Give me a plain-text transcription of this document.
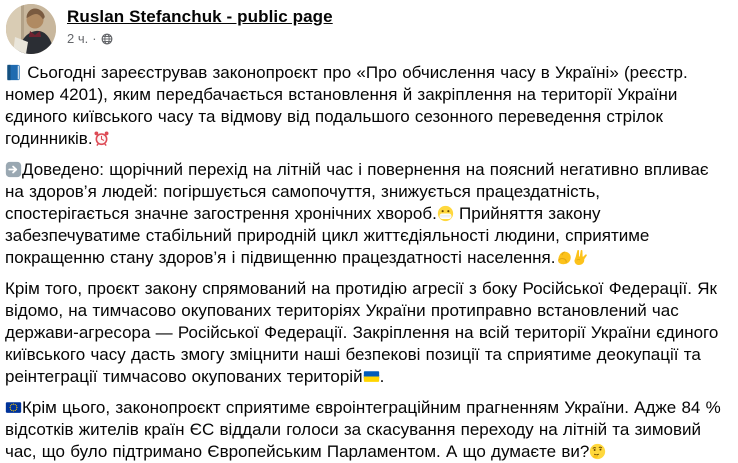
Ruslan Stefanchuk - public page
2 ч. ·
Сьогодні зареєстрував законопроєкт про «Про обчислення часу в Україні» (реєстр. номер 4201), яким передбачається встановлення й закріплення на території України єдиного київського часу та відмову від подальшого сезонного переведення стрілок годинників.
Доведено: щорічний перехід на літній час і повернення на поясний негативно впливає на здоров’я людей: погіршується самопочуття, знижується працездатність, спостерігається значне загострення хронічних хвороб.
Прийняття закону забезпечуватиме стабільний природній цикл життєдіяльності людини, сприятиме покращенню стану здоров’я і підвищенню працездатності населення.
Крім того, проєкт закону спрямований на протидію агресії з боку Російської Федерації. Як відомо, на тимчасово окупованих територіях України протиправно встановлений час держави-агресора — Російської Федерації. Закріплення на всій території України єдиного київського часу дасть змогу зміцнити наші безпекові позиції та сприятиме деокупації та реінтеграції тимчасово окупованих територій .
Крім цього, законопроєкт сприятиме євроінтеграційним прагненням України. Адже 84 % відсотків жителів країн ЄС віддали голоси за скасування переходу на літній та зимовий час, що було підтримано Європейським Парламентом. А що думаєте ви?
